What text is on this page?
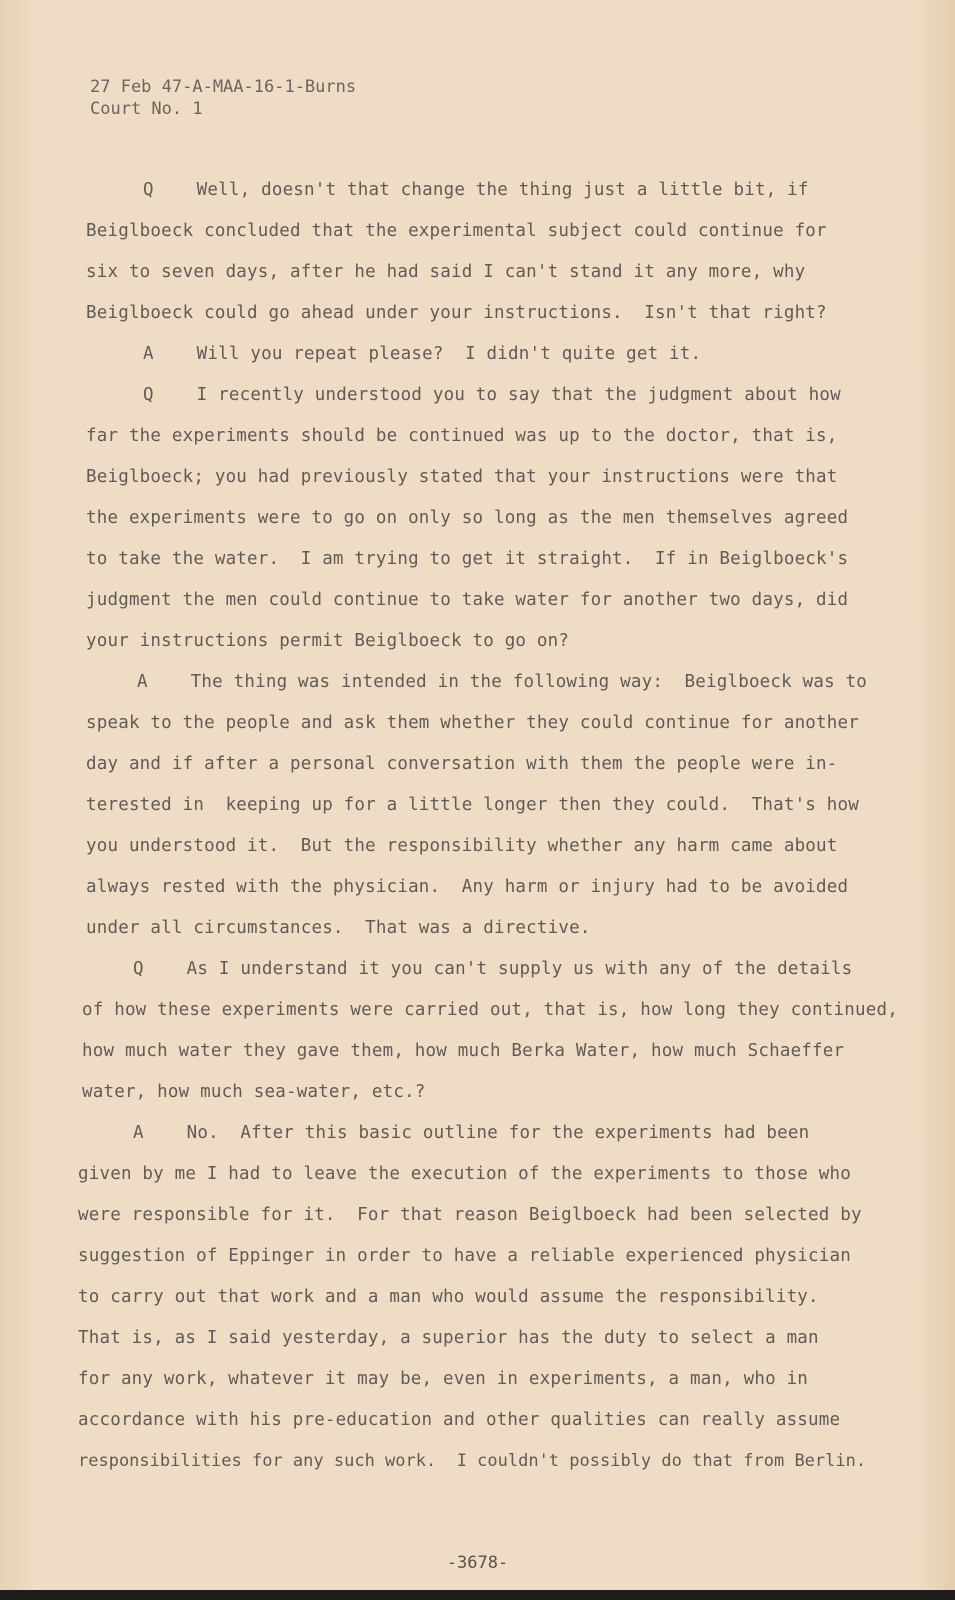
27 Feb 47-A-MAA-16-1-Burns
Court No. 1
Q    Well, doesn't that change the thing just a little bit, if
Beiglboeck concluded that the experimental subject could continue for
six to seven days, after he had said I can't stand it any more, why
Beiglboeck could go ahead under your instructions.  Isn't that right?
A    Will you repeat please?  I didn't quite get it.
Q    I recently understood you to say that the judgment about how
far the experiments should be continued was up to the doctor, that is,
Beiglboeck; you had previously stated that your instructions were that
the experiments were to go on only so long as the men themselves agreed
to take the water.  I am trying to get it straight.  If in Beiglboeck's
judgment the men could continue to take water for another two days, did
your instructions permit Beiglboeck to go on?
A    The thing was intended in the following way:  Beiglboeck was to
speak to the people and ask them whether they could continue for another
day and if after a personal conversation with them the people were in-
terested in  keeping up for a little longer then they could.  That's how
you understood it.  But the responsibility whether any harm came about
always rested with the physician.  Any harm or injury had to be avoided
under all circumstances.  That was a directive.
Q    As I understand it you can't supply us with any of the details
of how these experiments were carried out, that is, how long they continued,
how much water they gave them, how much Berka Water, how much Schaeffer
water, how much sea-water, etc.?
A    No.  After this basic outline for the experiments had been
given by me I had to leave the execution of the experiments to those who
were responsible for it.  For that reason Beiglboeck had been selected by
suggestion of Eppinger in order to have a reliable experienced physician
to carry out that work and a man who would assume the responsibility.
That is, as I said yesterday, a superior has the duty to select a man
for any work, whatever it may be, even in experiments, a man, who in
accordance with his pre-education and other qualities can really assume
responsibilities for any such work.  I couldn't possibly do that from Berlin.
-3678-
